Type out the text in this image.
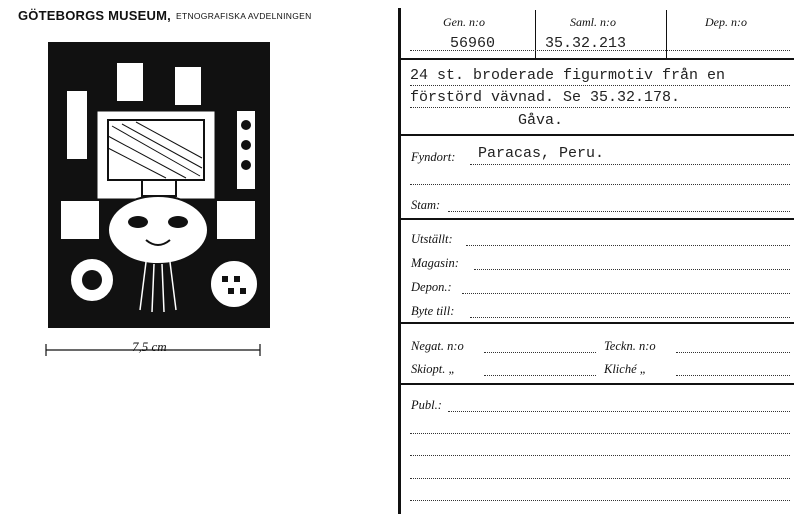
GÖTEBORGS MUSEUM, ETNOGRAFISKA AVDELNINGEN
7,5 cm
Gen. n:o	Saml. n:o	Dep. n:o
56960	35.32.213
24 st. broderade figurmotiv från en
förstörd vävnad. Se 35.32.178.
Gåva.
Fyndort: Paracas, Peru.
Stam:
Utställt:
Magasin:
Depon.:
Byte till:
Negat. n:o	Teckn. n:o
Skiopt. „	Kliché „
Publ.:
